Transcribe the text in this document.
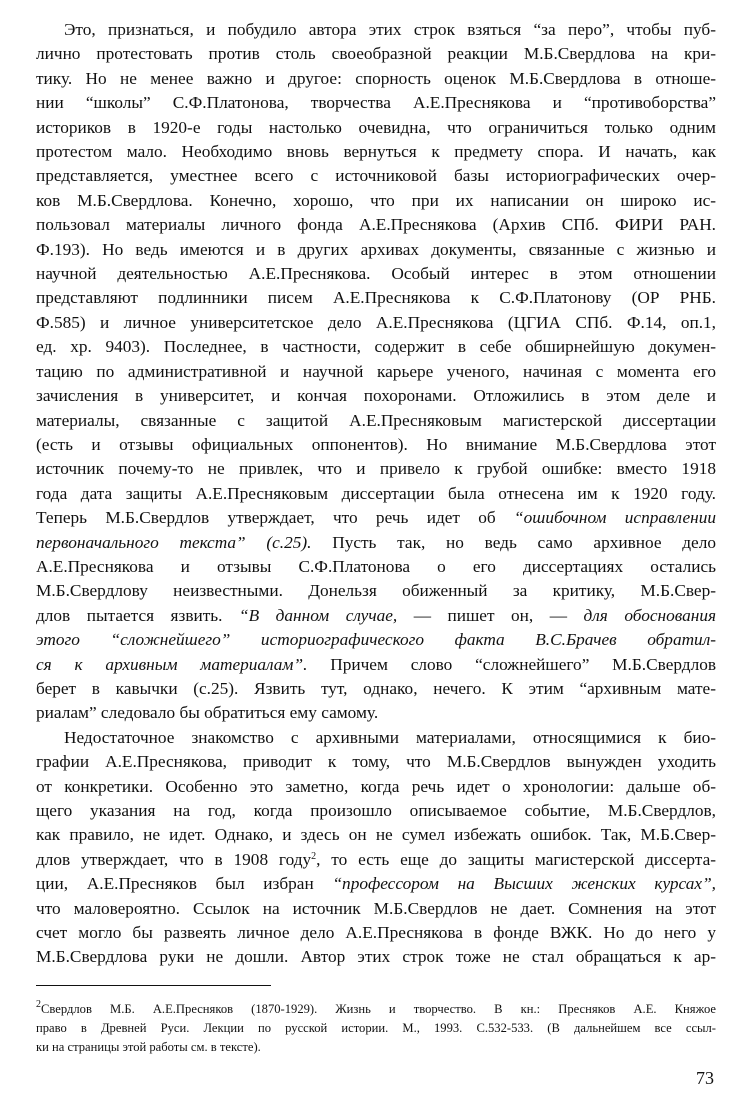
Это, признаться, и побудило автора этих строк взяться “за перо”, чтобы пуб-
лично протестовать против столь своеобразной реакции М.Б.Свердлова на кри-
тику. Но не менее важно и другое: спорность оценок М.Б.Свердлова в отноше-
нии “школы” С.Ф.Платонова, творчества А.Е.Преснякова и “противоборства”
историков в 1920-е годы настолько очевидна, что ограничиться только одним
протестом мало. Необходимо вновь вернуться к предмету спора. И начать, как
представляется, уместнее всего с источниковой базы историографических очер-
ков М.Б.Свердлова. Конечно, хорошо, что при их написании он широко ис-
пользовал материалы личного фонда А.Е.Преснякова (Архив СПб. ФИРИ РАН.
Ф.193). Но ведь имеются и в других архивах документы, связанные с жизнью и
научной деятельностью А.Е.Преснякова. Особый интерес в этом отношении
представляют подлинники писем А.Е.Преснякова к С.Ф.Платонову (ОР РНБ.
Ф.585) и личное университетское дело А.Е.Преснякова (ЦГИА СПб. Ф.14, оп.1,
ед. хр. 9403). Последнее, в частности, содержит в себе обширнейшую докумен-
тацию по административной и научной карьере ученого, начиная с момента его
зачисления в университет, и кончая похоронами. Отложились в этом деле и
материалы, связанные с защитой А.Е.Пресняковым магистерской диссертации
(есть и отзывы официальных оппонентов). Но внимание М.Б.Свердлова этот
источник почему-то не привлек, что и привело к грубой ошибке: вместо 1918
года дата защиты А.Е.Пресняковым диссертации была отнесена им к 1920 году.
Теперь М.Б.Свердлов утверждает, что речь идет об “ошибочном исправлении
первоначального текста” (с.25). Пусть так, но ведь само архивное дело
А.Е.Преснякова и отзывы С.Ф.Платонова о его диссертациях остались
М.Б.Свердлову неизвестными. Донельзя обиженный за критику, М.Б.Свер-
длов пытается язвить. “В данном случае, — пишет он, — для обоснования
этого “сложнейшего” историографического факта В.С.Брачев обратил-
ся к архивным материалам”. Причем слово “сложнейшего” М.Б.Свердлов
берет в кавычки (с.25). Язвить тут, однако, нечего. К этим “архивным мате-
риалам” следовало бы обратиться ему самому.
Недостаточное знакомство с архивными материалами, относящимися к био-
графии А.Е.Преснякова, приводит к тому, что М.Б.Свердлов вынужден уходить
от конкретики. Особенно это заметно, когда речь идет о хронологии: дальше об-
щего указания на год, когда произошло описываемое событие, М.Б.Свердлов,
как правило, не идет. Однако, и здесь он не сумел избежать ошибок. Так, М.Б.Свер-
длов утверждает, что в 1908 году$^2$, то есть еще до защиты магистерской диссерта-
ции, А.Е.Пресняков был избран “профессором на Высших женских курсах”,
что маловероятно. Ссылок на источник М.Б.Свердлов не дает. Сомнения на этот
счет могло бы развеять личное дело А.Е.Преснякова в фонде ВЖК. Но до него у
М.Б.Свердлова руки не дошли. Автор этих строк тоже не стал обращаться к ар-
$^2$Свердлов М.Б. А.Е.Пресняков (1870-1929). Жизнь и творчество. В кн.: Пресняков А.Е. Княжое
право в Древней Руси. Лекции по русской истории. М., 1993. С.532-533. (В дальнейшем все ссыл-
ки на страницы этой работы см. в тексте).
73
